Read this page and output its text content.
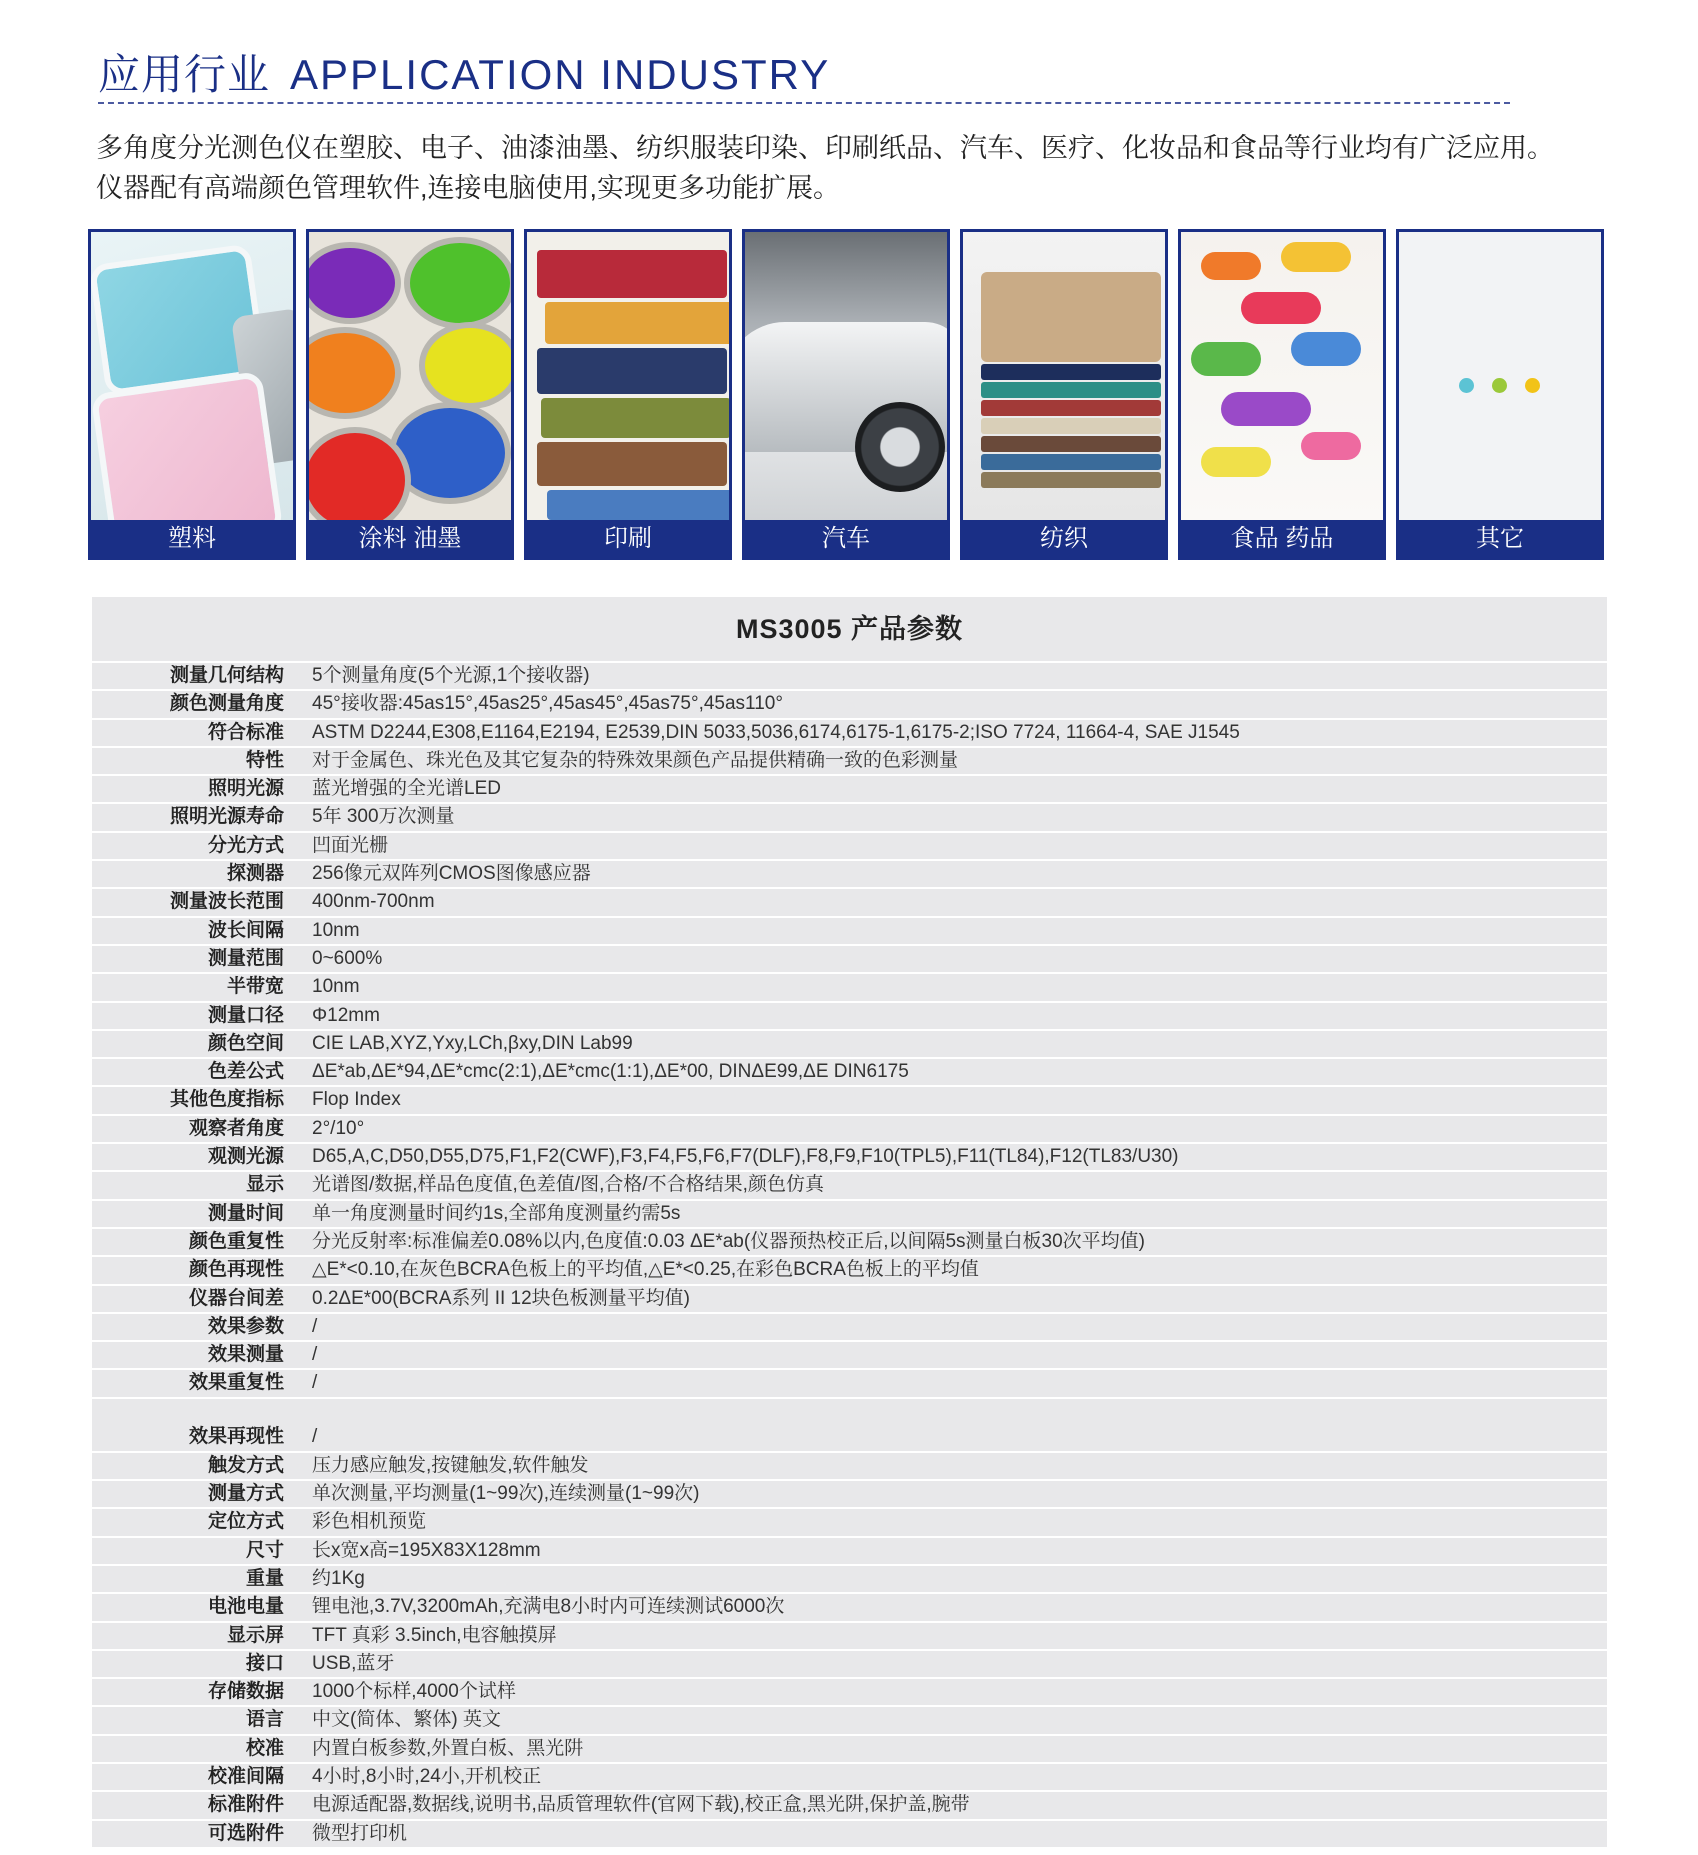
应用行业 APPLICATION INDUSTRY

多角度分光测色仪在塑胶、电子、油漆油墨、纺织服装印染、印刷纸品、汽车、医疗、化妆品和食品等行业均有广泛应用。

仪器配有高端颜色管理软件,连接电脑使用,实现更多功能扩展。

塑料	涂料 油墨	印刷	汽车	纺织	食品 药品	其它
MS3005 产品参数
测量几何结构 5个测量角度(5个光源,1个接收器)
颜色测量角度 45°接收器:45as15°,45as25°,45as45°,45as75°,45as110°
符合标准 ASTM D2244,E308,E1164,E2194, E2539,DIN 5033,5036,6174,6175-1,6175-2;ISO 7724, 11664-4, SAE J1545
特性 对于金属色、珠光色及其它复杂的特殊效果颜色产品提供精确一致的色彩测量
照明光源 蓝光增强的全光谱LED
照明光源寿命 5年 300万次测量
分光方式 凹面光栅
探测器 256像元双阵列CMOS图像感应器
测量波长范围 400nm-700nm
波长间隔 10nm
测量范围 0~600%
半带宽 10nm
测量口径 Φ12mm
颜色空间 CIE LAB,XYZ,Yxy,LCh,βxy,DIN Lab99
色差公式 ΔE*ab,ΔE*94,ΔE*cmc(2:1),ΔE*cmc(1:1),ΔE*00, DINΔE99,ΔE DIN6175
其他色度指标 Flop Index
观察者角度 2°/10°
观测光源 D65,A,C,D50,D55,D75,F1,F2(CWF),F3,F4,F5,F6,F7(DLF),F8,F9,F10(TPL5),F11(TL84),F12(TL83/U30)
显示 光谱图/数据,样品色度值,色差值/图,合格/不合格结果,颜色仿真
测量时间 单一角度测量时间约1s,全部角度测量约需5s
颜色重复性 分光反射率:标准偏差0.08%以内,色度值:0.03 ΔE*ab(仪器预热校正后,以间隔5s测量白板30次平均值)
颜色再现性 △E*<0.10,在灰色BCRA色板上的平均值,△E*<0.25,在彩色BCRA色板上的平均值
仪器台间差 0.2ΔE*00(BCRA系列 II 12块色板测量平均值)
效果参数 /
效果测量 /
效果重复性 /
效果再现性 /
触发方式 压力感应触发,按键触发,软件触发
测量方式 单次测量,平均测量(1~99次),连续测量(1~99次)
定位方式 彩色相机预览
尺寸 长x宽x高=195X83X128mm
重量 约1Kg
电池电量 锂电池,3.7V,3200mAh,充满电8小时内可连续测试6000次
显示屏 TFT 真彩 3.5inch,电容触摸屏
接口 USB,蓝牙
存储数据 1000个标样,4000个试样
语言 中文(简体、繁体) 英文
校准 内置白板参数,外置白板、黑光阱
校准间隔 4小时,8小时,24小,开机校正
标准附件 电源适配器,数据线,说明书,品质管理软件(官网下载),校正盒,黑光阱,保护盖,腕带
可选附件 微型打印机
